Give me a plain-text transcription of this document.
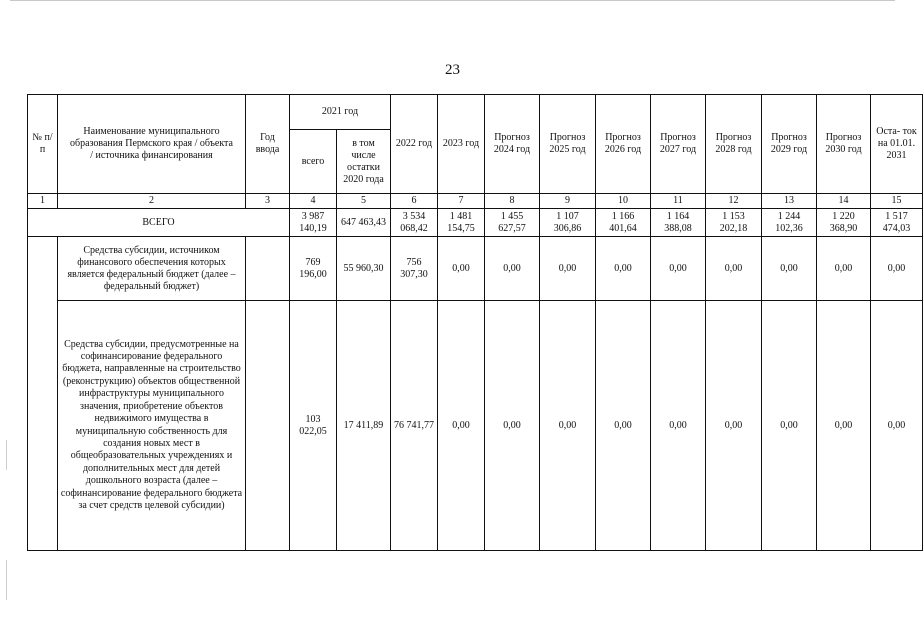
23
№ п/п	Наименование муниципального образования Пермского края / объекта / источника финансирования	Год ввода	2021 год		2022 год	2023 год	Прогноз 2024 год	Прогноз 2025 год	Прогноз 2026 год	Прогноз 2027 год	Прогноз 2028 год	Прогноз 2029 год	Прогноз 2030 год	Оста- ток на 01.01. 2031
			всего	в том числе остатки 2020 года										
1	2	3	4	5	6	7	8	9	10	11	12	13	14	15
ВСЕГО			3 987 140,19	647 463,43	3 534 068,42	1 481 154,75	1 455 627,57	1 107 306,86	1 166 401,64	1 164 388,08	1 153 202,18	1 244 102,36	1 220 368,90	1 517 474,03
	Средства субсидии, источником финансового обеспечения которых является федеральный бюджет (далее – федеральный бюджет)		769 196,00	55 960,30	756 307,30	0,00	0,00	0,00	0,00	0,00	0,00	0,00	0,00	0,00
	Средства субсидии, предусмотренные на софинансирование федерального бюджета, направленные на строительство (реконструкцию) объектов общественной инфраструктуры муниципального значения, приобретение объектов недвижимого имущества в муниципальную собственность для создания новых мест в общеобразовательных учреждениях и дополнительных мест для детей дошкольного возраста (далее – софинансирование федерального бюджета за счет средств целевой субсидии)		103 022,05	17 411,89	76 741,77	0,00	0,00	0,00	0,00	0,00	0,00	0,00	0,00	0,00
